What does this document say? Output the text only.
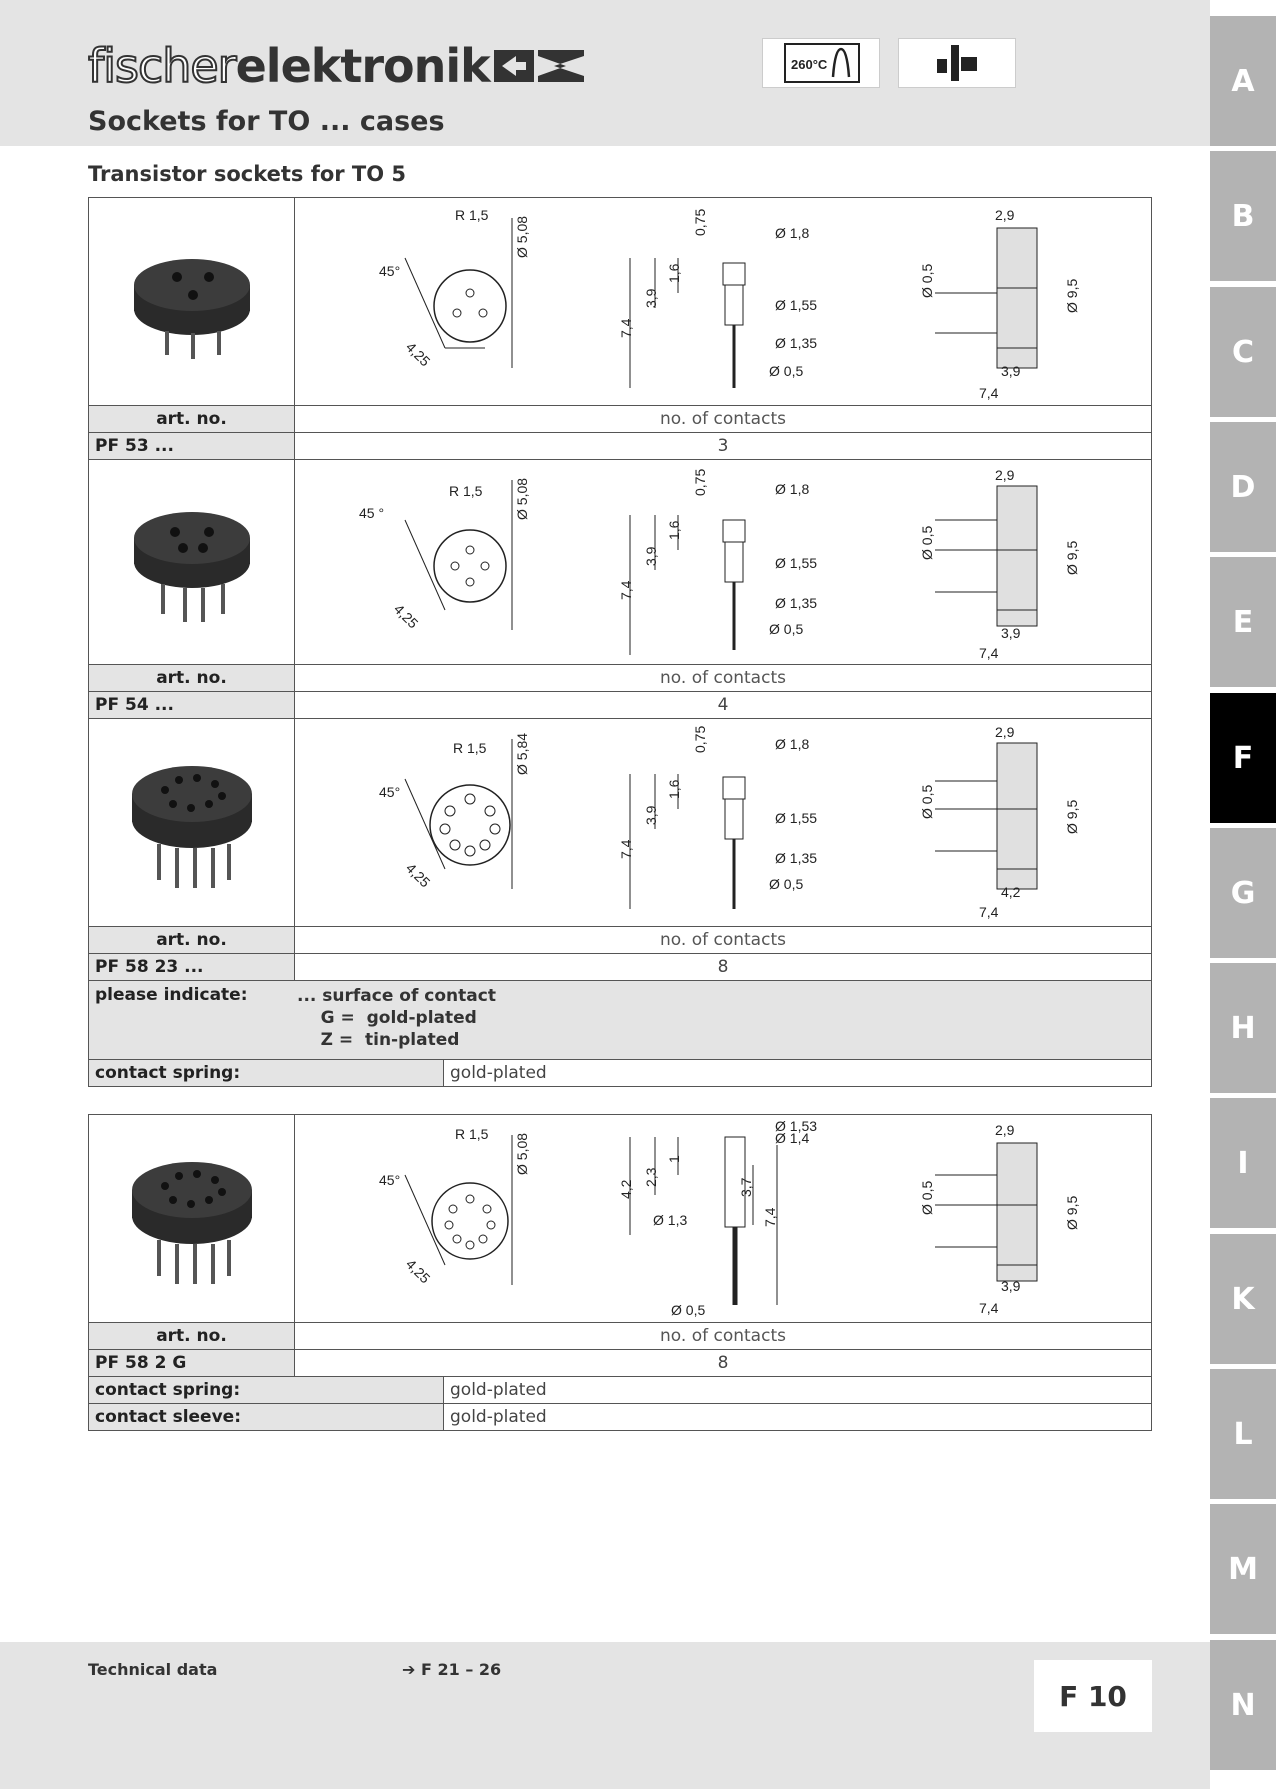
fischer elektronik	260°C
Sockets for TO ... cases
Transistor sockets for TO 5
A
B
C
D
E
F
G
H
I
K
L
M
N
R 1,5
45°
4,25
Ø 5,08	0,75
1,6
3,9
7,4
Ø 1,8
Ø 1,55
Ø 1,35
Ø 0,5
2,9
Ø 9,5
Ø 0,5
3,9
7,4
art. no.	no. of contacts
PF 53 ...	3
R 1,5
45 °
4,25
Ø 5,08	0,75
1,6
3,9
7,4
Ø 1,8
Ø 1,55
Ø 1,35
Ø 0,5
2,9
Ø 9,5
Ø 0,5
3,9
7,4
art. no.	no. of contacts
PF 54 ...	4
R 1,5
45°
4,25
Ø 5,84	0,75
1,6
3,9
7,4
Ø 1,8
Ø 1,55
Ø 1,35
Ø 0,5
2,9
Ø 9,5
Ø 0,5
4,2
7,4
art. no.	no. of contacts
PF 58 23 ...	8
please indicate:	... surface of contact
G =  gold-plated
Z =  tin-plated
contact spring:	gold-plated
R 1,5
45°
4,25
Ø 5,08
Ø 1,53
Ø 1,4
2,3
1
4,2
Ø 1,3
3,7
7,4
Ø 0,5
2,9
Ø 9,5
Ø 0,5
3,9
7,4
art. no.	no. of contacts
PF 58 2 G	8
contact spring:	gold-plated
contact sleeve:	gold-plated
Technical data	➔ F 21 – 26
F 10
